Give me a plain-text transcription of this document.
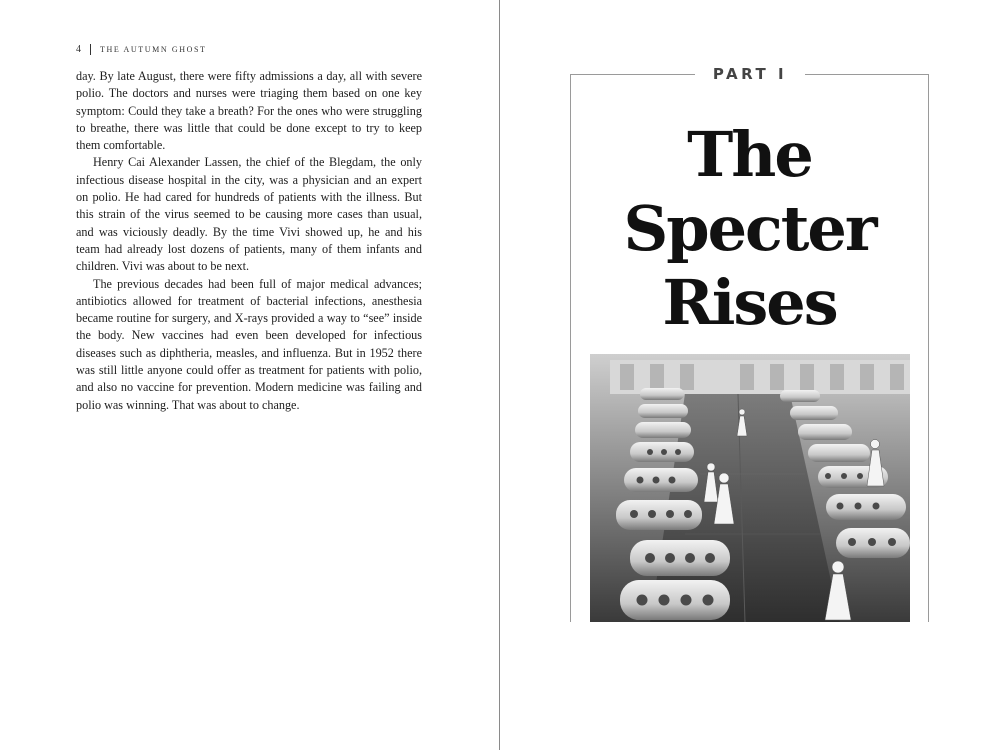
4 THE AUTUMN GHOST

day. By late August, there were fifty admissions a day, all with severe polio. The doctors and nurses were triaging them based on one key symptom: Could they take a breath? For the ones who were struggling to breathe, there was little that could be done except to try to keep them comfortable.

Henry Cai Alexander Lassen, the chief of the Blegdam, the only infectious disease hospital in the city, was a physician and an expert on polio. He had cared for hundreds of patients with the illness. But this strain of the virus seemed to be causing more cases than usual, and was viciously deadly. By the time Vivi showed up, he and his team had already lost dozens of patients, many of them infants and children. Vivi was about to be next.

The previous decades had been full of major medical advances; antibiotics allowed for treatment of bacterial infections, anesthesia became routine for surgery, and X-rays provided a way to “see” inside the body. New vaccines had even been developed for infectious diseases such as diphtheria, measles, and influenza. But in 1952 there was still little anyone could offer as treatment for patients with polio, and also no vaccine for prevention. Modern medicine was failing and polio was winning. That was about to change.

PART I
The
Specter
Rises
